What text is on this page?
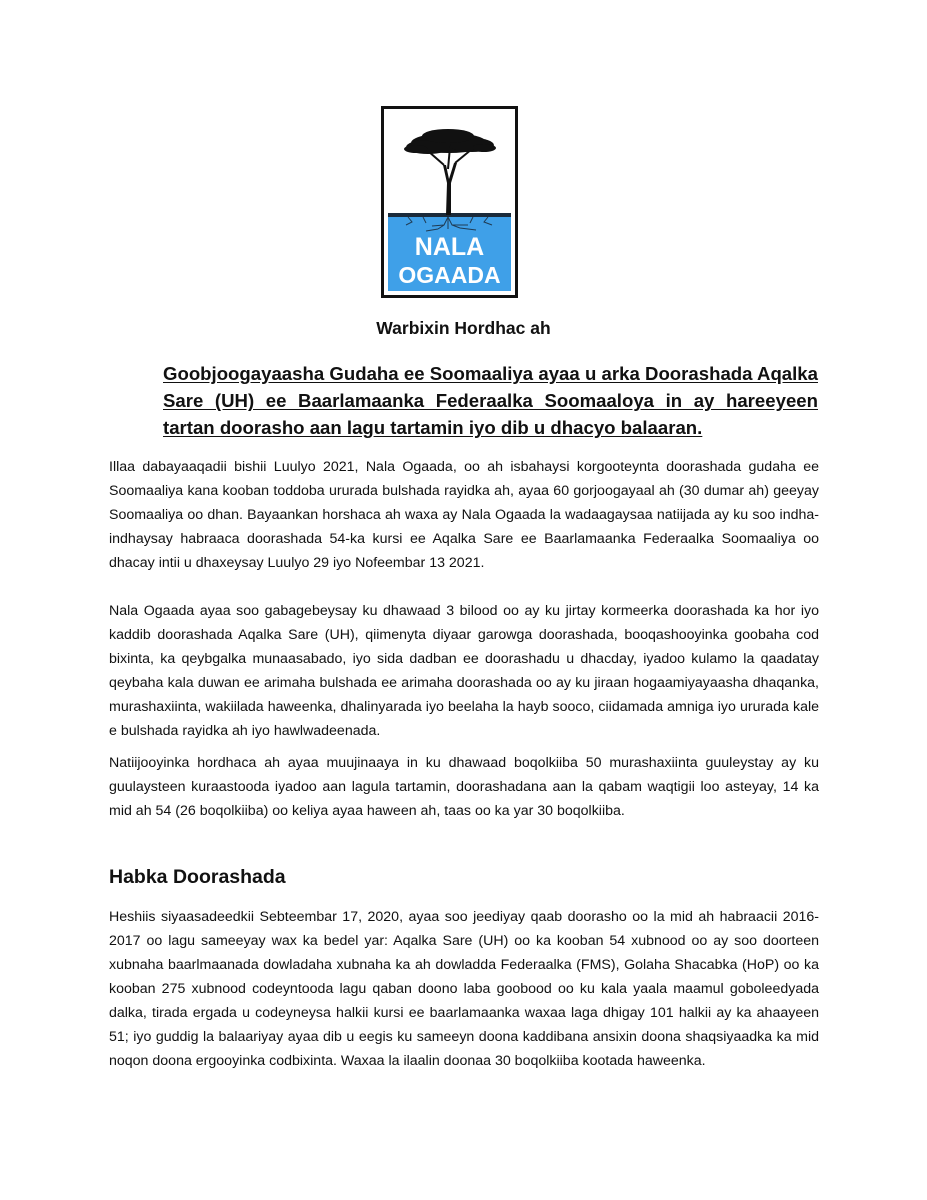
NALA
OGAADA
Warbixin Hordhac ah
Goobjoogayaasha Gudaha ee Soomaaliya ayaa u arka Doorashada Aqalka Sare (UH) ee Baarlamaanka Federaalka Soomaaloya in ay hareeyeen tartan doorasho aan lagu tartamin iyo dib u dhacyo balaaran.

Illaa dabayaaqadii bishii Luulyo 2021, Nala Ogaada, oo ah isbahaysi korgooteynta doorashada gudaha ee Soomaaliya kana kooban toddoba ururada bulshada rayidka ah, ayaa 60 gorjoogayaal ah (30 dumar ah) geeyay Soomaaliya oo dhan. Bayaankan horshaca ah waxa ay Nala Ogaada la wadaagaysaa natiijada ay ku soo indha-indhaysay habraaca doorashada 54-ka kursi ee Aqalka Sare ee Baarlamaanka Federaalka Soomaaliya oo dhacay intii u dhaxeysay Luulyo 29 iyo Nofeembar 13 2021.

Nala Ogaada ayaa soo gabagebeysay ku dhawaad 3 bilood oo ay ku jirtay kormeerka doorashada ka hor iyo kaddib doorashada Aqalka Sare (UH), qiimenyta diyaar garowga doorashada, booqashooyinka goobaha cod bixinta, ka qeybgalka munaasabado, iyo sida dadban ee doorashadu u dhacday, iyadoo kulamo la qaadatay qeybaha kala duwan ee arimaha bulshada ee arimaha doorashada oo ay ku jiraan hogaamiyayaasha dhaqanka, murashaxiinta, wakiilada haweenka, dhalinyarada iyo beelaha la hayb sooco, ciidamada amniga iyo ururada kale e bulshada rayidka ah iyo hawlwadeenada.

Natiijooyinka hordhaca ah ayaa muujinaaya in ku dhawaad boqolkiiba 50 murashaxiinta guuleystay ay ku guulaysteen kuraastooda iyadoo aan lagula tartamin, doorashadana aan la qabam waqtigii loo asteyay, 14 ka mid ah 54 (26 boqolkiiba) oo keliya ayaa haween ah, taas oo ka yar 30 boqolkiiba.

Habka Doorashada

Heshiis siyaasadeedkii Sebteembar 17, 2020, ayaa soo jeediyay qaab doorasho oo la mid ah habraacii 2016-2017 oo lagu sameeyay wax ka bedel yar: Aqalka Sare (UH) oo ka kooban 54 xubnood oo ay soo doorteen xubnaha baarlmaanada dowladaha xubnaha ka ah dowladda Federaalka (FMS), Golaha Shacabka (HoP) oo ka kooban 275 xubnood codeyntooda lagu qaban doono laba goobood oo ku kala yaala maamul goboleedyada dalka, tirada ergada u codeyneysa halkii kursi ee baarlamaanka waxaa laga dhigay 101 halkii ay ka ahaayeen 51; iyo guddig la balaariyay ayaa dib u eegis ku sameeyn doona kaddibana ansixin doona shaqsiyaadka ka mid noqon doona ergooyinka codbixinta. Waxaa la ilaalin doonaa 30 boqolkiiba kootada haweenka.
